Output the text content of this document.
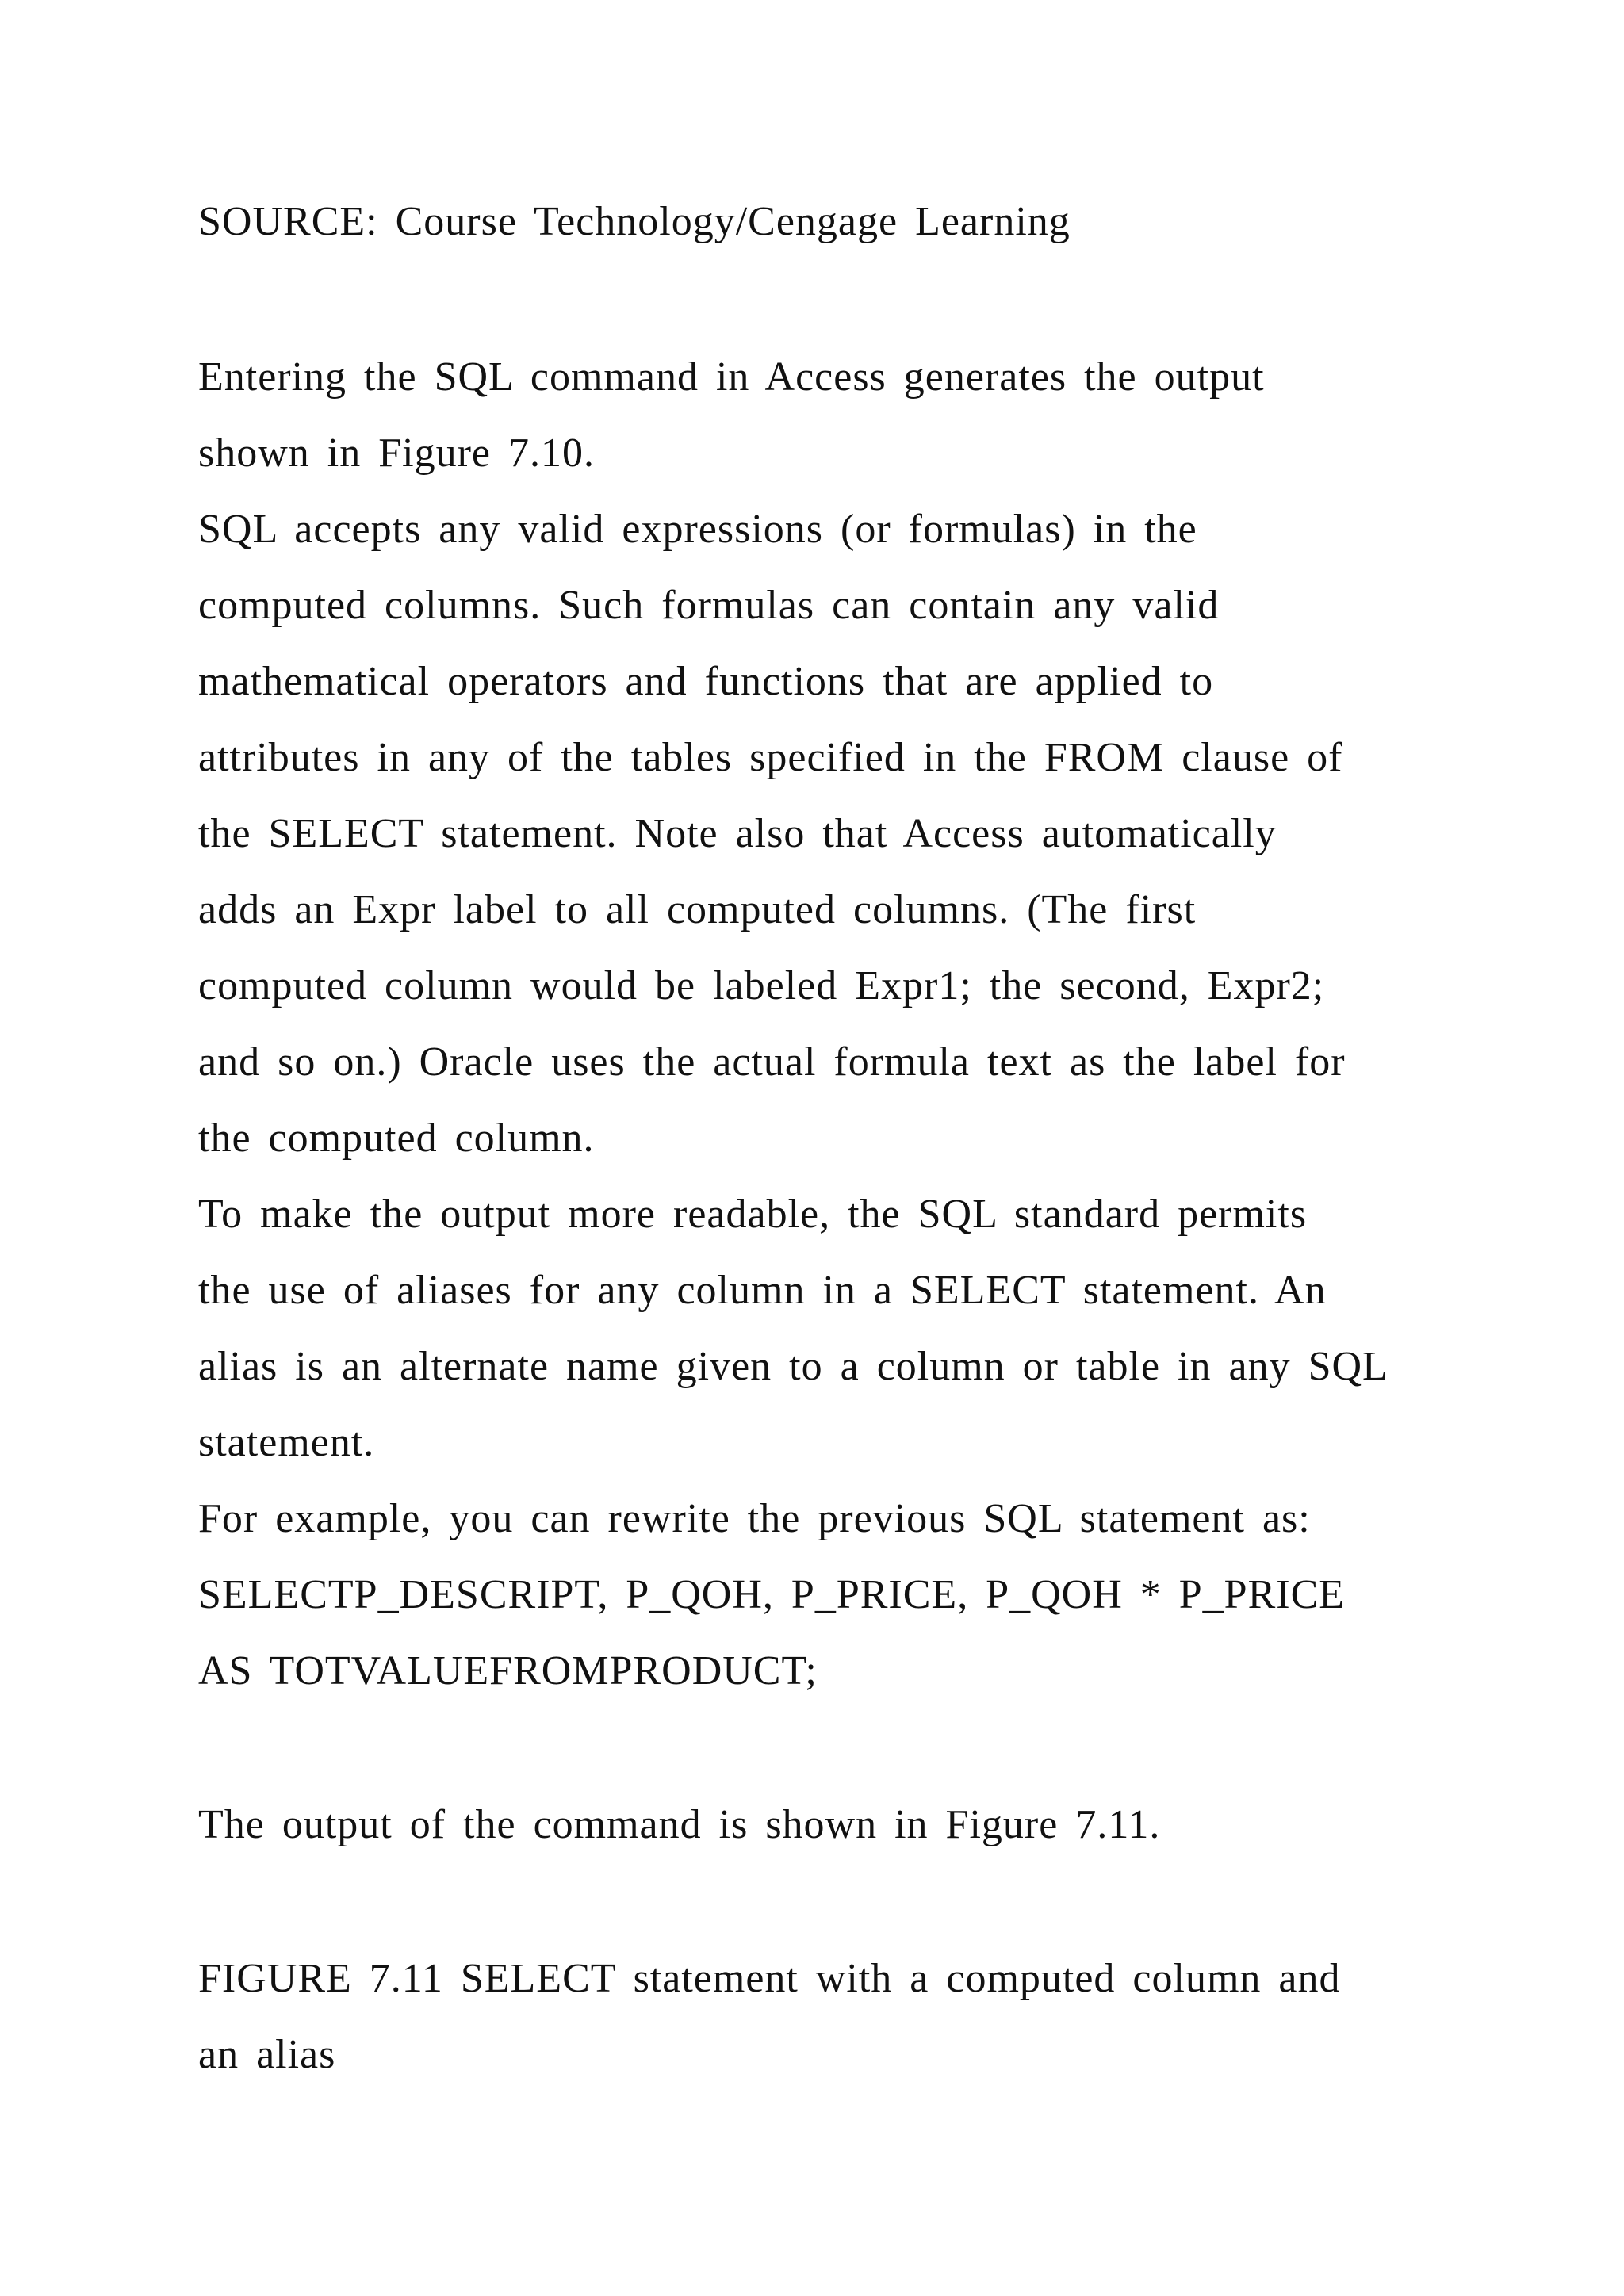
SOURCE: Course Technology/Cengage Learning

Entering the SQL command in Access generates the output

shown in Figure 7.10.

SQL accepts any valid expressions (or formulas) in the

computed columns. Such formulas can contain any valid

mathematical operators and functions that are applied to

attributes in any of the tables specified in the FROM clause of

the SELECT statement. Note also that Access automatically

adds an Expr label to all computed columns. (The first

computed column would be labeled Expr1; the second, Expr2;

and so on.) Oracle uses the actual formula text as the label for

the computed column.

To make the output more readable, the SQL standard permits

the use of aliases for any column in a SELECT statement. An

alias is an alternate name given to a column or table in any SQL

statement.

For example, you can rewrite the previous SQL statement as:

SELECTP_DESCRIPT, P_QOH, P_PRICE, P_QOH * P_PRICE

AS TOTVALUEFROMPRODUCT;

The output of the command is shown in Figure 7.11.

FIGURE 7.11 SELECT statement with a computed column and

an alias
